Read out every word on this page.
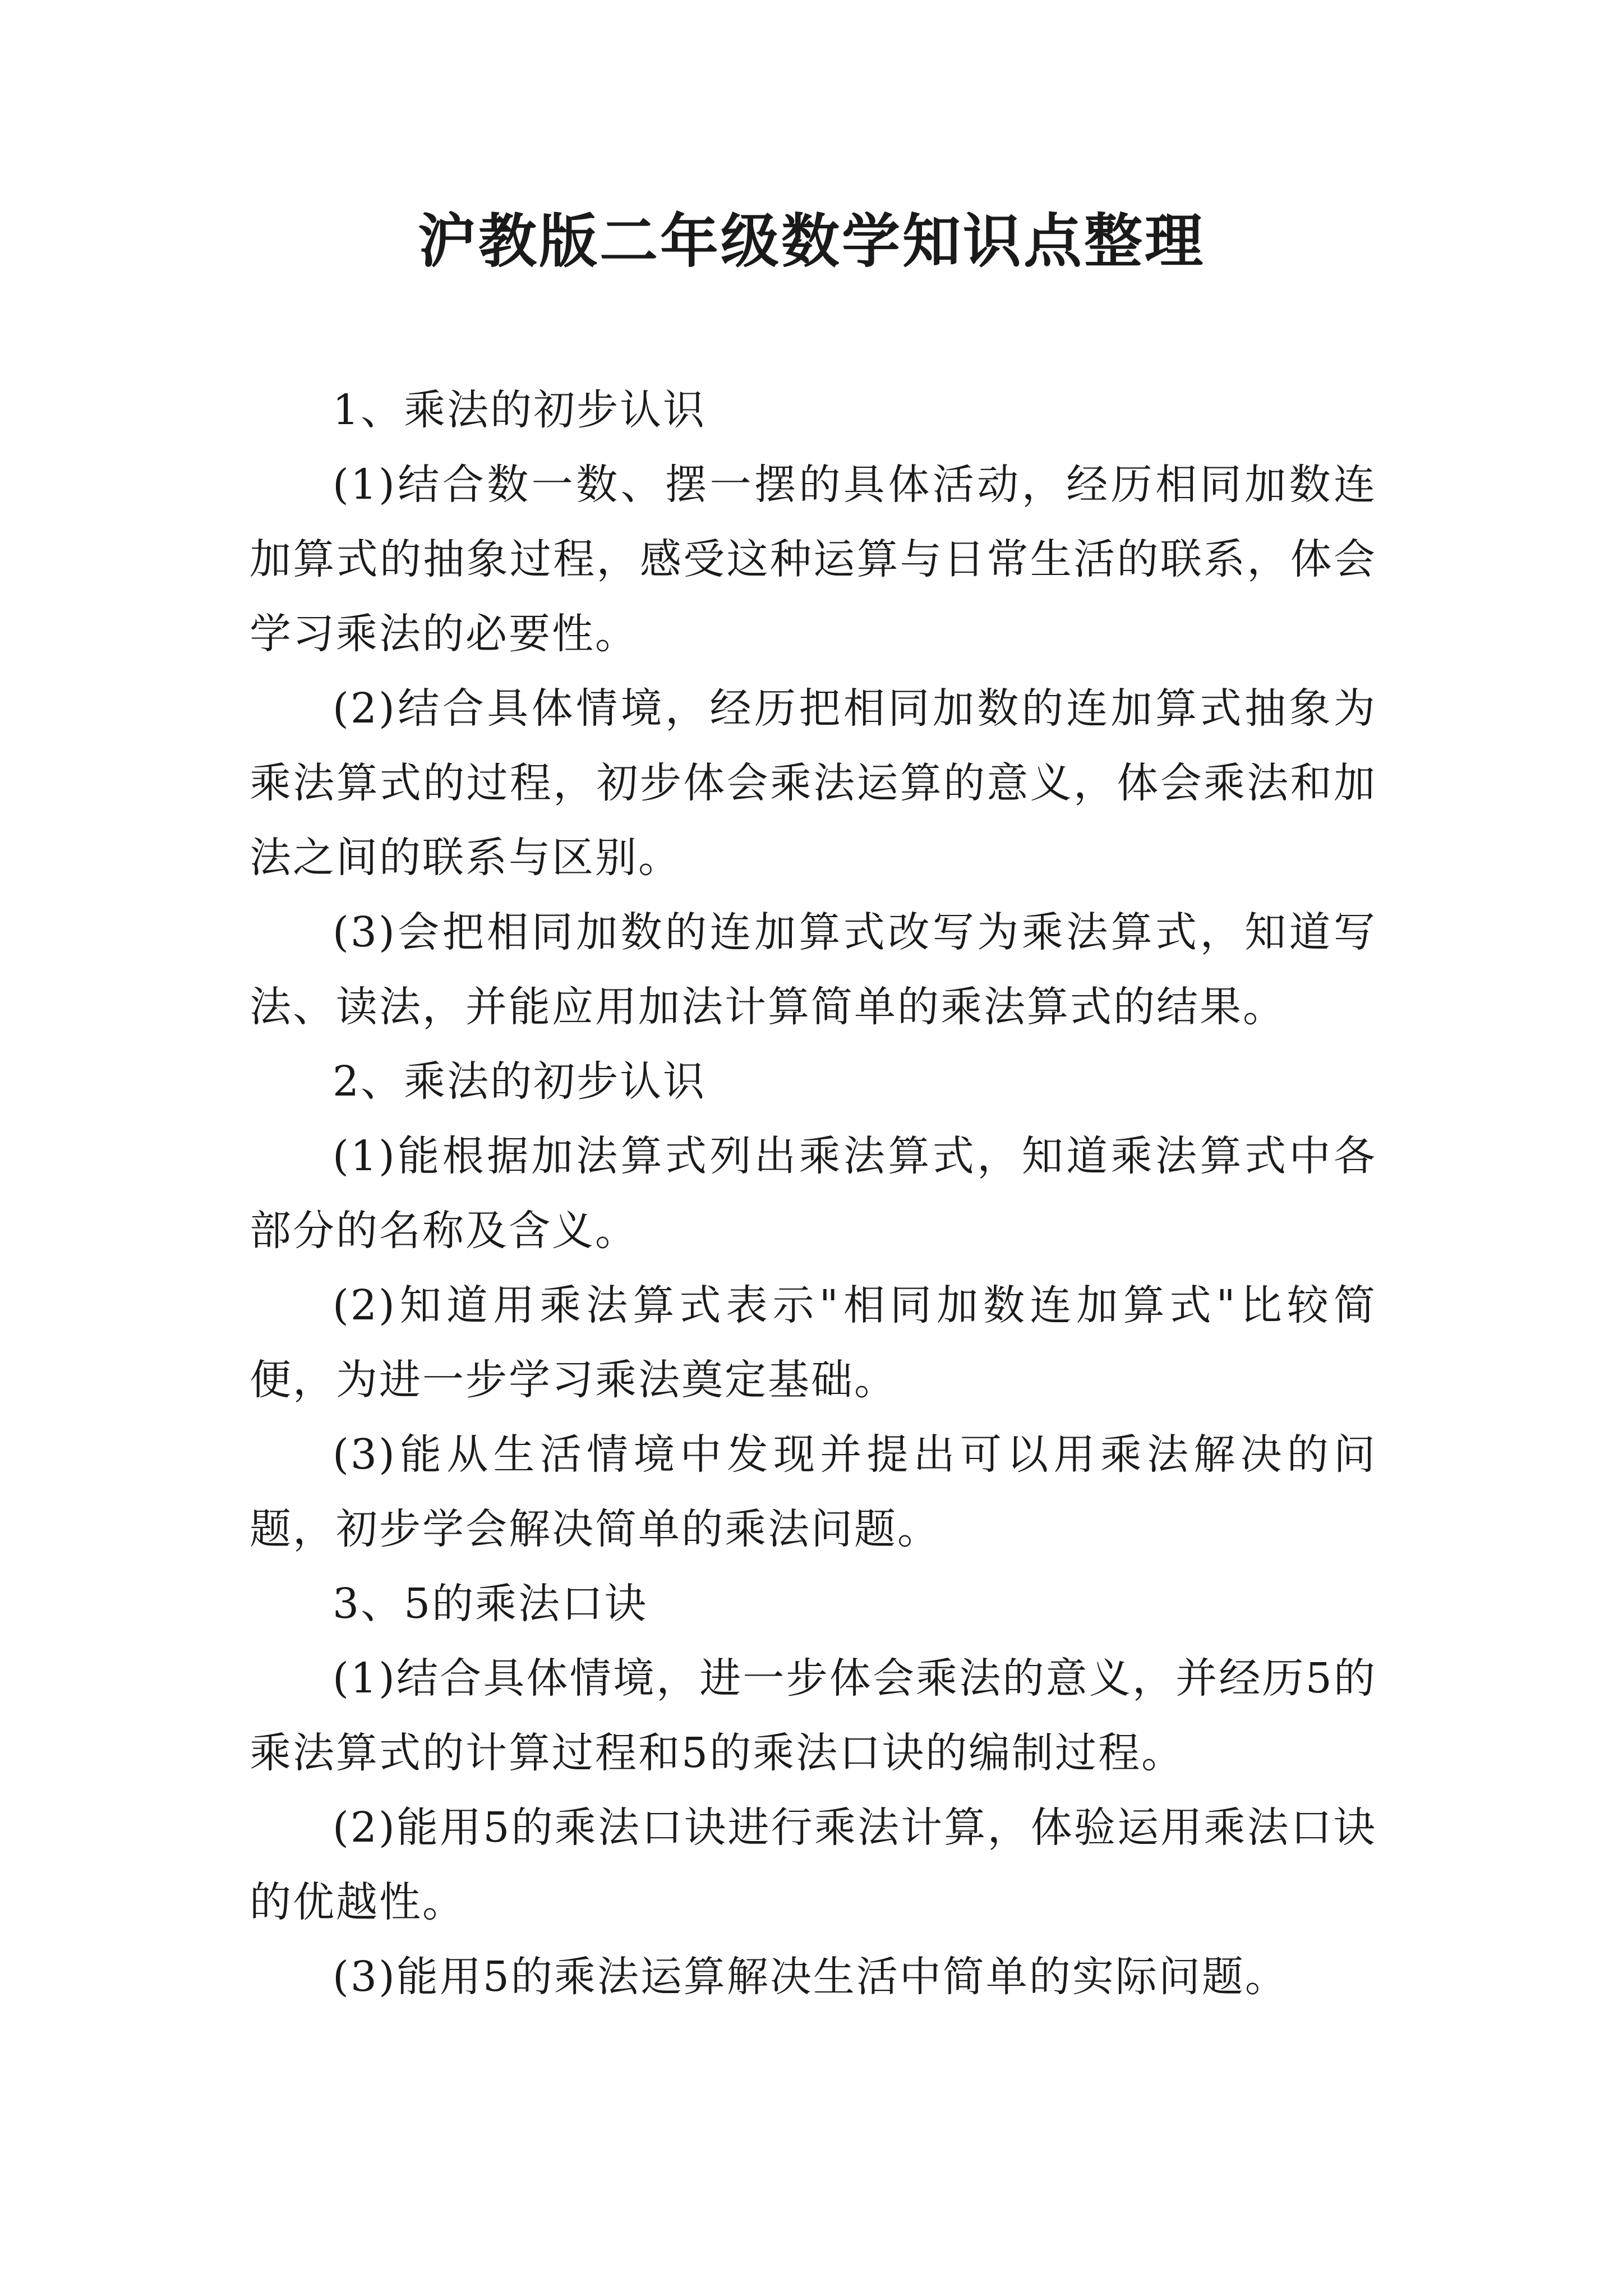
沪教版二年级数学知识点整理

1、乘法的初步认识

(1)结合数一数、摆一摆的具体活动，经历相同加数连加算式的抽象过程，感受这种运算与日常生活的联系，体会学习乘法的必要性。

(2)结合具体情境，经历把相同加数的连加算式抽象为乘法算式的过程，初步体会乘法运算的意义，体会乘法和加法之间的联系与区别。

(3)会把相同加数的连加算式改写为乘法算式，知道写法、读法，并能应用加法计算简单的乘法算式的结果。

2、乘法的初步认识

(1)能根据加法算式列出乘法算式，知道乘法算式中各部分的名称及含义。

(2)知道用乘法算式表示"相同加数连加算式"比较简便，为进一步学习乘法奠定基础。

(3)能从生活情境中发现并提出可以用乘法解决的问题，初步学会解决简单的乘法问题。

3、5的乘法口诀

(1)结合具体情境，进一步体会乘法的意义，并经历5的乘法算式的计算过程和5的乘法口诀的编制过程。

(2)能用5的乘法口诀进行乘法计算，体验运用乘法口诀的优越性。

(3)能用5的乘法运算解决生活中简单的实际问题。
